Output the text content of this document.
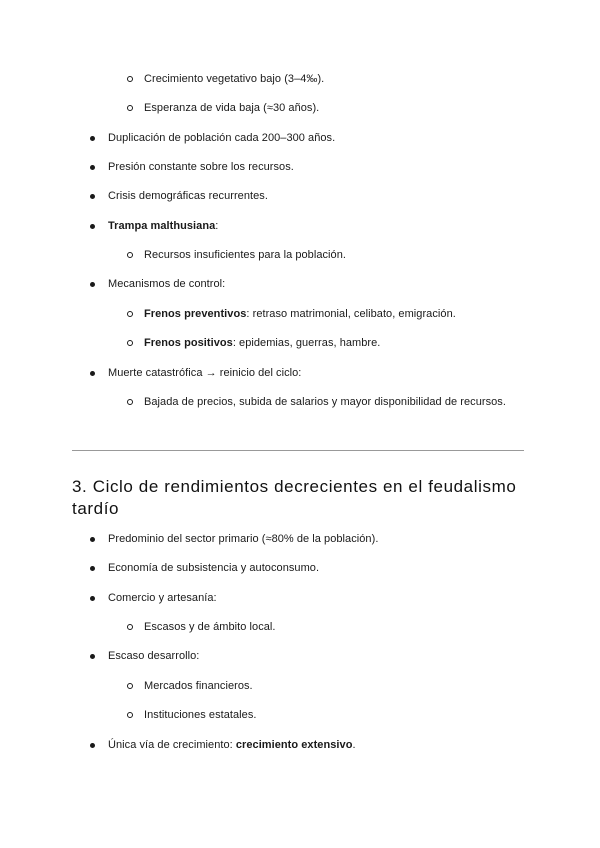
Crecimiento vegetativo bajo (3–4‰).
Esperanza de vida baja (≈30 años).
Duplicación de población cada 200–300 años.
Presión constante sobre los recursos.
Crisis demográficas recurrentes.
Trampa malthusiana:
Recursos insuficientes para la población.
Mecanismos de control:
Frenos preventivos: retraso matrimonial, celibato, emigración.
Frenos positivos: epidemias, guerras, hambre.
Muerte catastrófica → reinicio del ciclo:
Bajada de precios, subida de salarios y mayor disponibilidad de recursos.
3. Ciclo de rendimientos decrecientes en el feudalismo tardío
Predominio del sector primario (≈80% de la población).
Economía de subsistencia y autoconsumo.
Comercio y artesanía:
Escasos y de ámbito local.
Escaso desarrollo:
Mercados financieros.
Instituciones estatales.
Única vía de crecimiento: crecimiento extensivo.
